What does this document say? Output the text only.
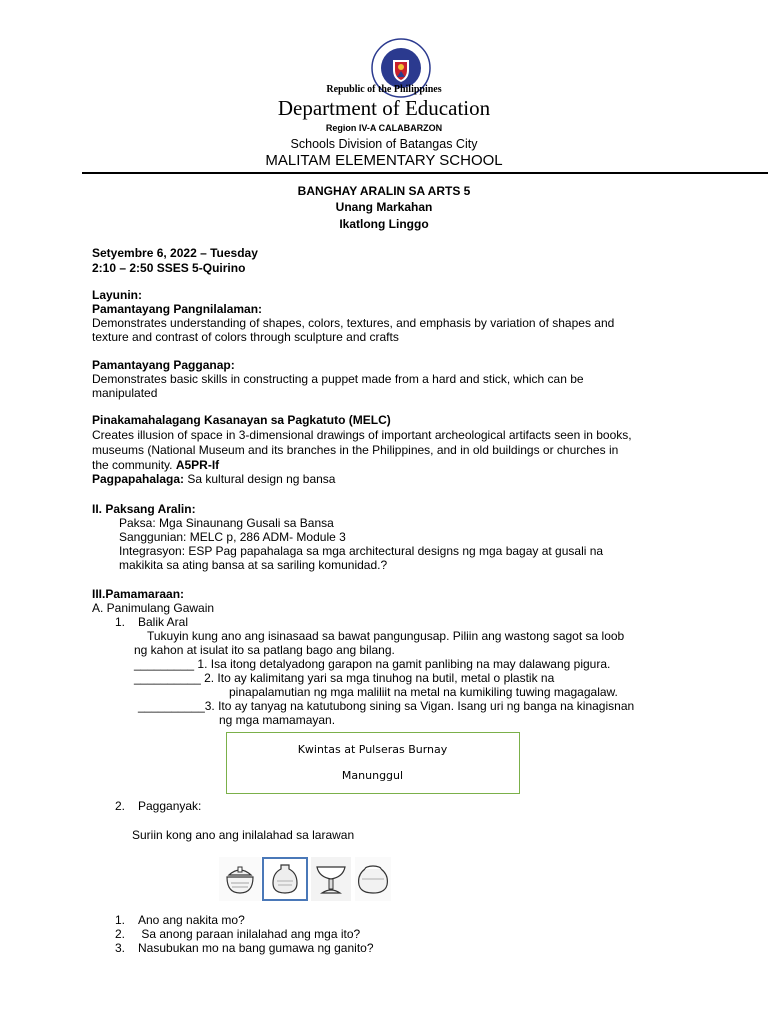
Republic of the Philippines

Department of Education

Region IV-A CALABARZON

Schools Division of Batangas City

MALITAM ELEMENTARY SCHOOL

BANGHAY ARALIN SA ARTS 5

Unang Markahan

Ikatlong Linggo

Setyembre 6, 2022 – Tuesday

2:10 – 2:50 SSES 5-Quirino

Layunin:

Pamantayang Pangnilalaman:

Demonstrates understanding of shapes, colors, textures, and emphasis by variation of shapes and

texture and contrast of colors through sculpture and crafts

Pamantayang Pagganap:

Demonstrates basic skills in constructing a puppet made from a hard and stick, which can be

manipulated

Pinakamahalagang Kasanayan sa Pagkatuto (MELC)

Creates illusion of space in 3-dimensional drawings of important archeological artifacts seen in books,

museums (National Museum and its branches in the Philippines, and in old buildings or churches in

the community. A5PR-If

Pagpapahalaga: Sa kultural design ng bansa

II. Paksang Aralin:

Paksa: Mga Sinaunang Gusali sa Bansa

Sanggunian: MELC p, 286 ADM- Module 3

Integrasyon: ESP Pag papahalaga sa mga architectural designs ng mga bagay at gusali na

makikita sa ating bansa at sa sariling komunidad.?

III.Pamamaraan:

A. Panimulang Gawain

1. Balik Aral

Tukuyin kung ano ang isinasaad sa bawat pangungusap. Piliin ang wastong sagot sa loob

ng kahon at isulat ito sa patlang bago ang bilang.

_________ 1. Isa itong detalyadong garapon na gamit panlibing na may dalawang pigura.

__________ 2. Ito ay kalimitang yari sa mga tinuhog na butil, metal o plastik na

pinapalamutian ng mga maliliit na metal na kumikiling tuwing magagalaw.

__________3. Ito ay tanyag na katutubong sining sa Vigan. Isang uri ng banga na kinagisnan

ng mga mamamayan.

Kwintas at Pulseras Burnay

Manunggul

2. Pagganyak:

Suriin kong ano ang inilalahad sa larawan

1. Ano ang nakita mo?

2. Sa anong paraan inilalahad ang mga ito?

3. Nasubukan mo na bang gumawa ng ganito?
